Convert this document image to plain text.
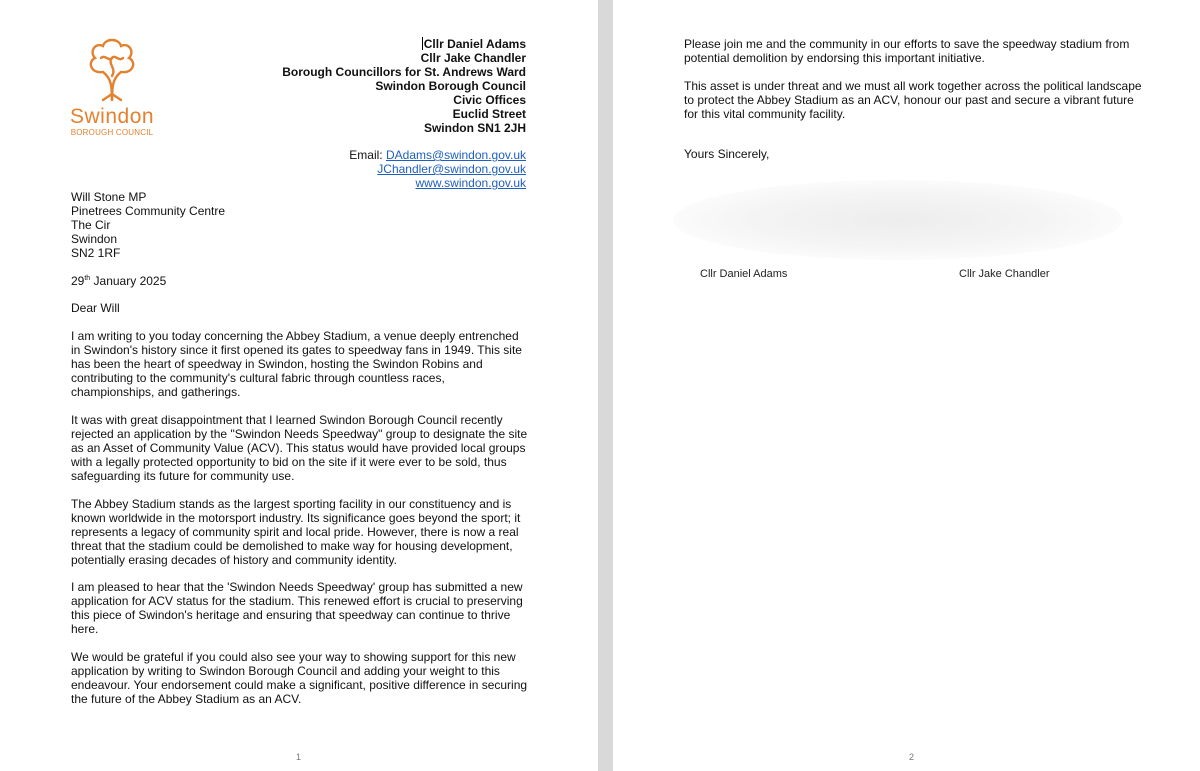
Swindon
BOROUGH COUNCIL
Cllr Daniel Adams
Cllr Jake Chandler
Borough Councillors for St. Andrews Ward
Swindon Borough Council
Civic Offices
Euclid Street
Swindon SN1 2JH
Email: DAdams@swindon.gov.uk
JChandler@swindon.gov.uk
www.swindon.gov.uk
Will Stone MP
Pinetrees Community Centre
The Cir
Swindon
SN2 1RF
29th January 2025
Dear Will
I am writing to you today concerning the Abbey Stadium, a venue deeply entrenched in Swindon's history since it first opened its gates to speedway fans in 1949. This site has been the heart of speedway in Swindon, hosting the Swindon Robins and contributing to the community's cultural fabric through countless races, championships, and gatherings.
It was with great disappointment that I learned Swindon Borough Council recently rejected an application by the "Swindon Needs Speedway" group to designate the site as an Asset of Community Value (ACV). This status would have provided local groups with a legally protected opportunity to bid on the site if it were ever to be sold, thus safeguarding its future for community use.
The Abbey Stadium stands as the largest sporting facility in our constituency and is known worldwide in the motorsport industry. Its significance goes beyond the sport; it represents a legacy of community spirit and local pride. However, there is now a real threat that the stadium could be demolished to make way for housing development, potentially erasing decades of history and community identity.
I am pleased to hear that the 'Swindon Needs Speedway' group has submitted a new application for ACV status for the stadium. This renewed effort is crucial to preserving this piece of Swindon's heritage and ensuring that speedway can continue to thrive here.
We would be grateful if you could also see your way to showing support for this new application by writing to Swindon Borough Council and adding your weight to this endeavour. Your endorsement could make a significant, positive difference in securing the future of the Abbey Stadium as an ACV.
1
Please join me and the community in our efforts to save the speedway stadium from potential demolition by endorsing this important initiative.
This asset is under threat and we must all work together across the political landscape to protect the Abbey Stadium as an ACV, honour our past and secure a vibrant future for this vital community facility.
Yours Sincerely,
Cllr Daniel Adams	Cllr Jake Chandler
2
